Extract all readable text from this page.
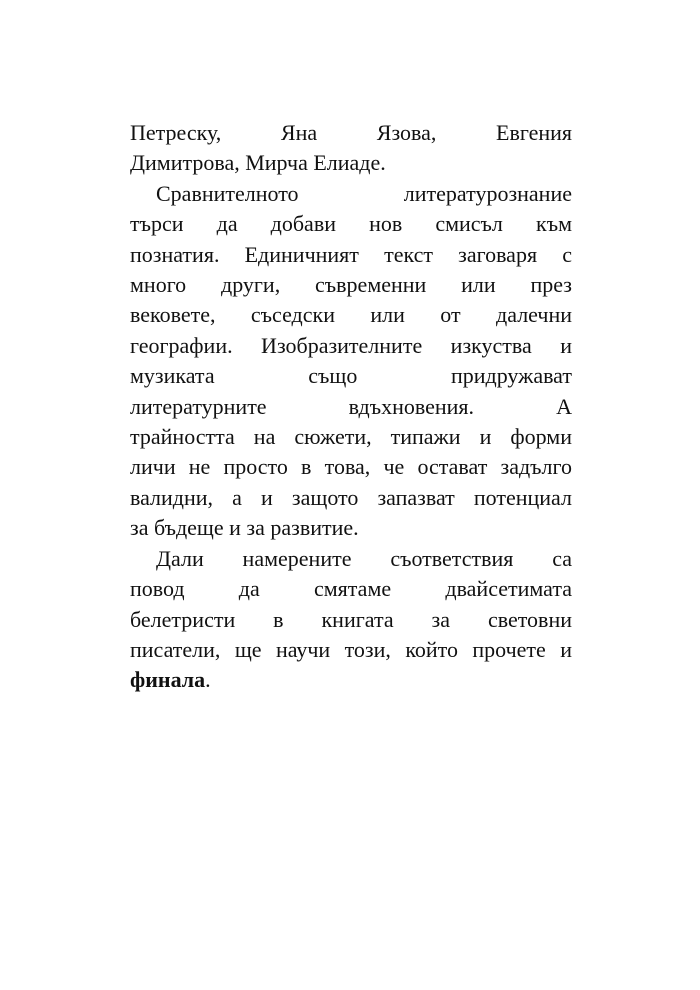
Петреску, Яна Язова, Евгения
Димитрова, Мирча Елиаде.
Сравнителното литературознание
търси да добави нов смисъл към
познатия. Единичният текст заговаря с
много други, съвременни или през
вековете, съседски или от далечни
географии. Изобразителните изкуства и
музиката също придружават
литературните вдъхновения. А
трайността на сюжети, типажи и форми
личи не просто в това, че остават задълго
валидни, а и защото запазват потенциал
за бъдеще и за развитие.
Дали намерените съответствия са
повод да смятаме двайсетимата
белетристи в книгата за световни
писатели, ще научи този, който прочете и
финала.
